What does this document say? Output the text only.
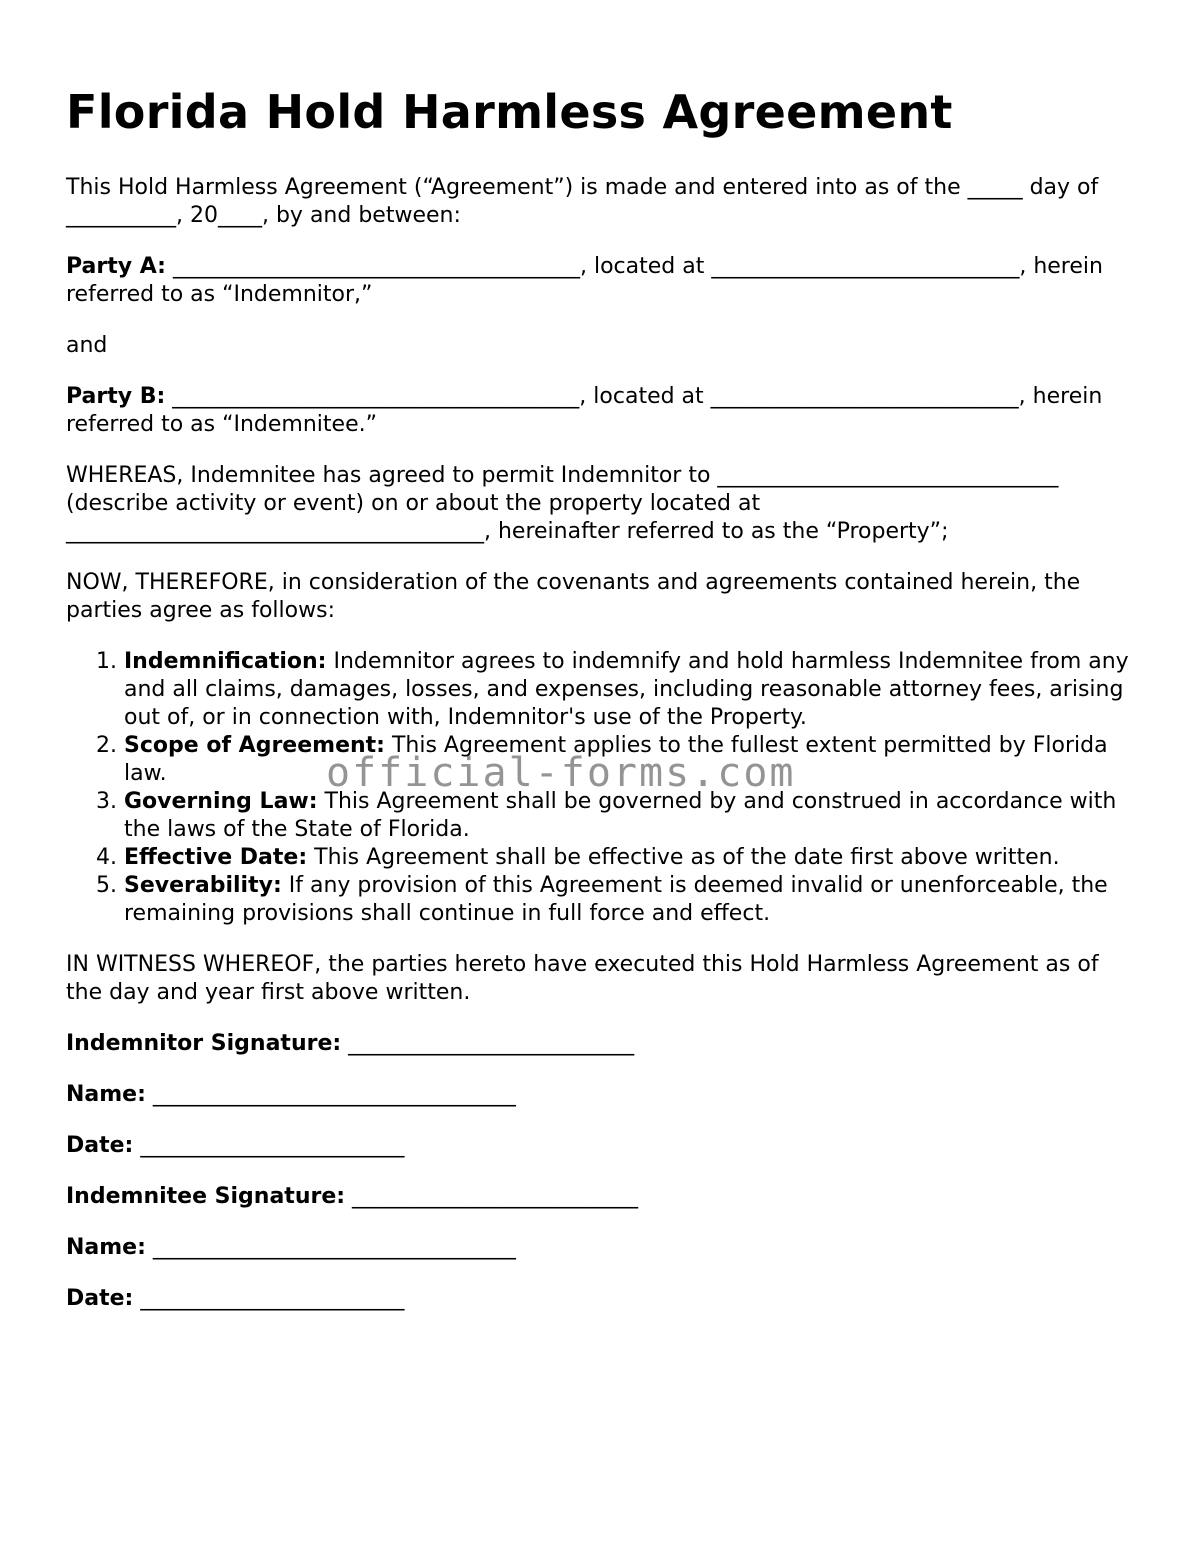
Florida Hold Harmless Agreement

This Hold Harmless Agreement (“Agreement”) is made and entered into as of the _____ day of __________, 20____, by and between:

Party A: _____________________________________, located at ____________________________, herein referred to as “Indemnitor,”

and

Party B: _____________________________________, located at ____________________________, herein referred to as “Indemnitee.”

WHEREAS, Indemnitee has agreed to permit Indemnitor to _______________________________ (describe activity or event) on or about the property located at ______________________________________, hereinafter referred to as the “Property”;

NOW, THEREFORE, in consideration of the covenants and agreements contained herein, the parties agree as follows:

1. Indemnification: Indemnitor agrees to indemnify and hold harmless Indemnitee from any and all claims, damages, losses, and expenses, including reasonable attorney fees, arising out of, or in connection with, Indemnitor's use of the Property.
2. Scope of Agreement: This Agreement applies to the fullest extent permitted by Florida law.
3. Governing Law: This Agreement shall be governed by and construed in accordance with the laws of the State of Florida.
4. Effective Date: This Agreement shall be effective as of the date first above written.
5. Severability: If any provision of this Agreement is deemed invalid or unenforceable, the remaining provisions shall continue in full force and effect.

IN WITNESS WHEREOF, the parties hereto have executed this Hold Harmless Agreement as of the day and year first above written.

Indemnitor Signature: __________________________
Name: _________________________________
Date: ________________________
Indemnitee Signature: __________________________
Name: _________________________________
Date: ________________________
official-forms.com
